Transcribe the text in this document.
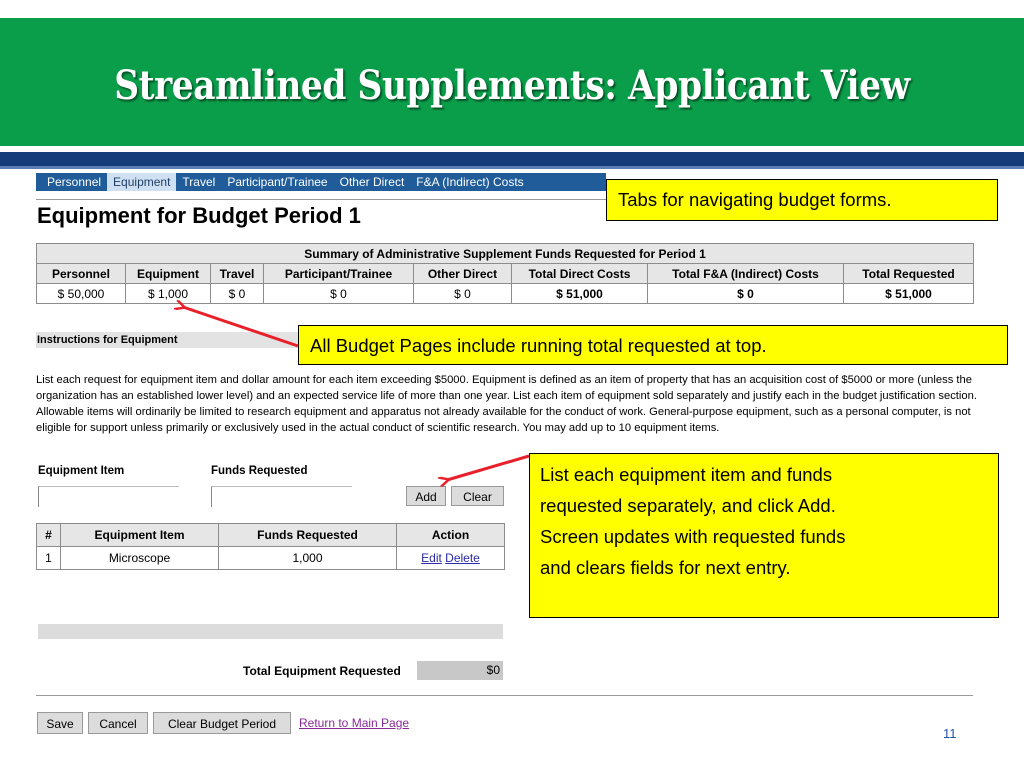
Streamlined Supplements: Applicant View
Personnel	Equipment	Travel	Participant/Trainee	Other Direct	F&A (Indirect) Costs
Equipment for Budget Period 1
Summary of Administrative Supplement Funds Requested for Period 1							
Personnel	Equipment	Travel	Participant/Trainee	Other Direct	Total Direct Costs	Total F&A (Indirect) Costs	Total Requested
$ 50,000	$ 1,000	$ 0	$ 0	$ 0	$ 51,000	$ 0	$ 51,000
Instructions for Equipment
List each request for equipment item and dollar amount for each item exceeding $5000. Equipment is defined as an item of property that has an acquisition cost of $5000 or more (unless the organization has an established lower level) and an expected service life of more than one year. List each item of equipment sold separately and justify each in the budget justification section. Allowable items will ordinarily be limited to research equipment and apparatus not already available for the conduct of work. General-purpose equipment, such as a personal computer, is not eligible for support unless primarily or exclusively used in the actual conduct of scientific research. You may add up to 10 equipment items.
Equipment Item	Funds Requested
Add	Clear
#	Equipment Item	Funds Requested	Action
1	Microscope	1,000	Edit Delete
Total Equipment Requested	$0
Save	Cancel	Clear Budget Period	Return to Main Page
Tabs for navigating budget forms.
All Budget Pages include running total requested at top.
List each equipment item and funds
requested separately, and click Add.
Screen updates with requested funds
and clears fields for next entry.
11
